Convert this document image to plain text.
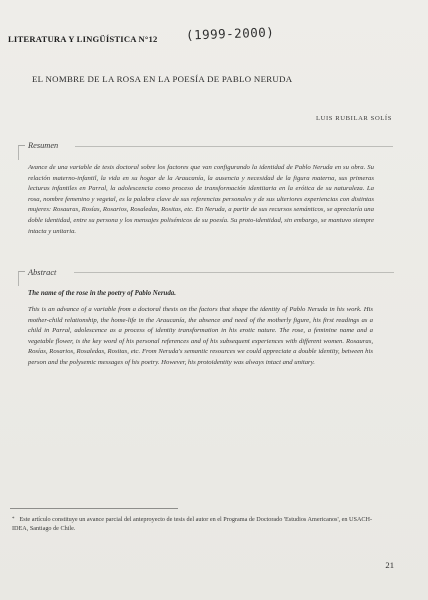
LITERATURA Y LINGÜÍSTICA N°12 (1999-2000)
EL NOMBRE DE LA ROSA EN LA POESÍA DE PABLO NERUDA
LUIS RUBILAR SOLÍS
Resumen
Avance de una variable de tesis doctoral sobre los factores que van configurando la identidad de Pablo Neruda en su obra. Su relación materno-infantil, la vida en su hogar de la Araucanía, la ausencia y necesidad de la figura materna, sus primeras lecturas infantiles en Parral, la adolescencia como proceso de transformación identitaria en la erótica de su naturaleza. La rosa, nombre femenino y vegetal, es la palabra clave de sus referencias personales y de sus ulteriores experiencias con distintas mujeres: Rosauras, Rosías, Rosarios, Rosaledas, Rositas, etc. En Neruda, a partir de sus recursos semánticos, se apreciaría una doble identidad, entre su persona y los mensajes polisémicos de su poesía. Su proto-identidad, sin embargo, se mantuvo siempre intacta y unitaria.
Abstract
The name of the rose in the poetry of Pablo Neruda.
This is an advance of a variable from a doctoral thesis on the factors that shape the identity of Pablo Neruda in his work. His mother-child relationship, the home-life in the Araucanía, the absence and need of the motherly figure, his first readings as a child in Parral, adolescence as a process of identity transformation in his erotic nature. The rose, a feminine name and a vegetable flower, is the key word of his personal references and of his subsequent experiences with different women. Rosauras, Rosías, Rosarios, Rosaledas, Rositas, etc. From Neruda's semantic resources we could appreciate a double identity, between his person and the polysemic messages of his poetry. However, his protoidentity was always intact and unitary.
* Este artículo constituye un avance parcial del anteproyecto de tesis del autor en el Programa de Doctorado 'Estudios Americanos', en USACH-IDEA, Santiago de Chile.
21
